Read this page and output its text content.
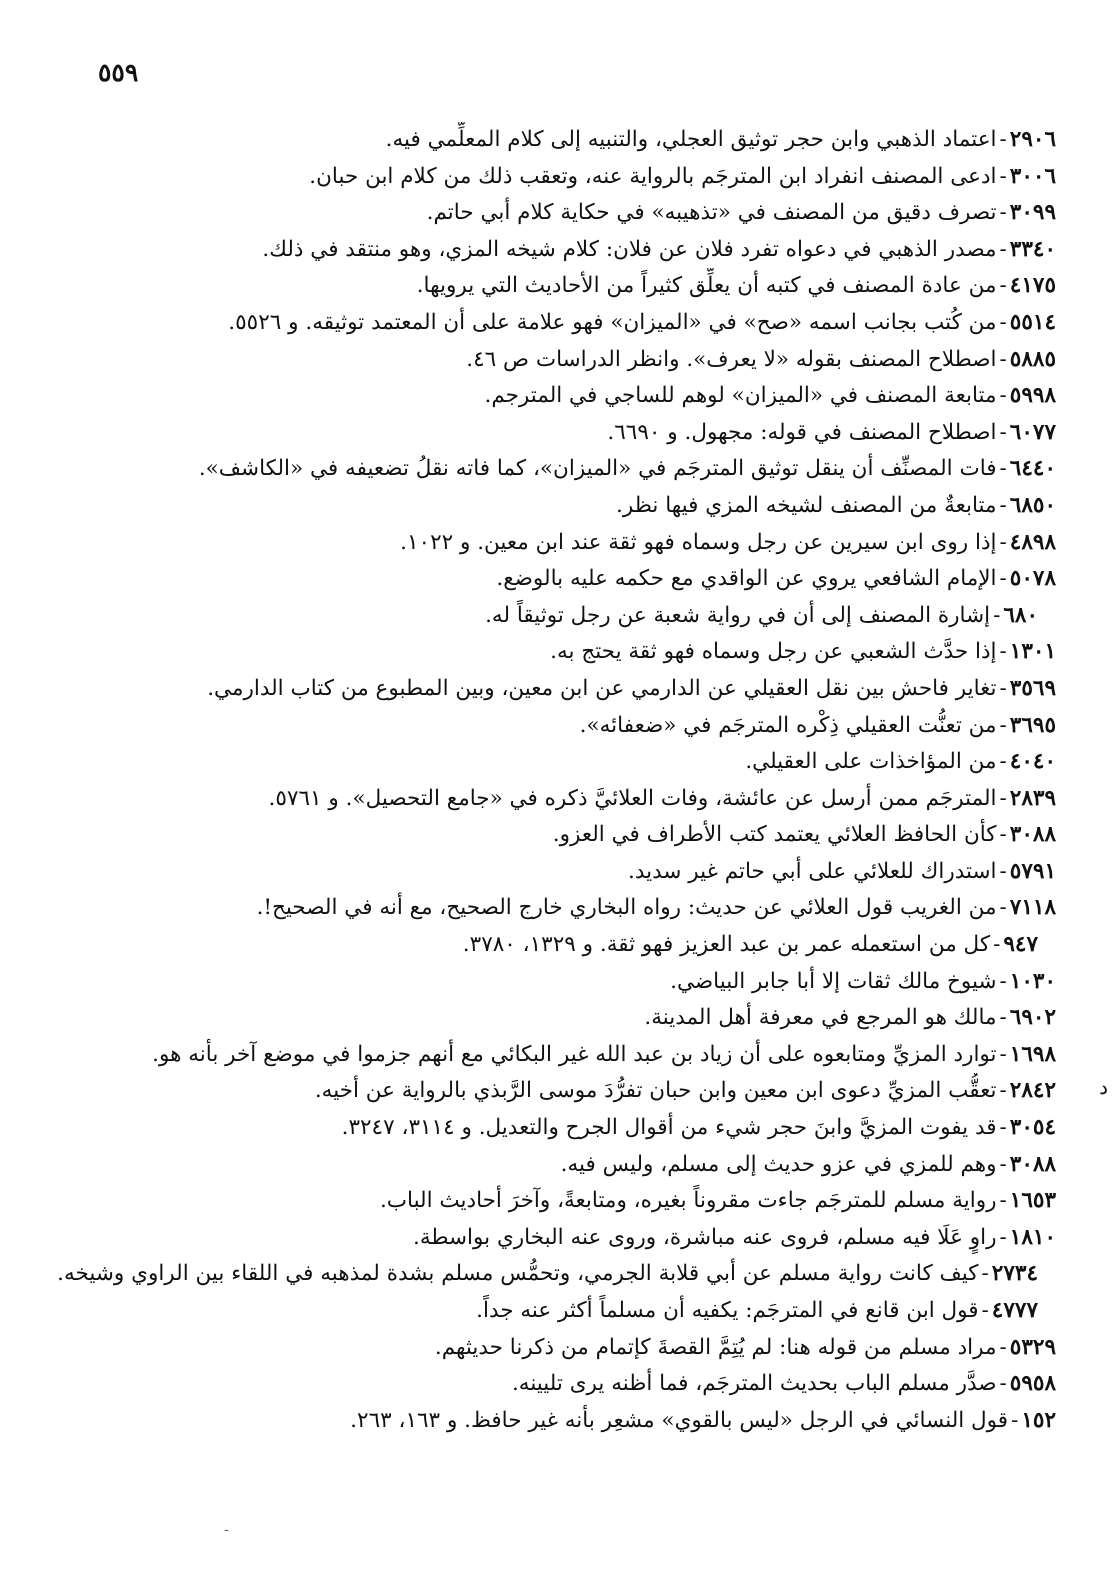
٥٥٩
٢٩٠٦-اعتماد الذهبي وابن حجر توثيق العجلي، والتنبيه إلى كلام المعلِّمي فيه.
٣٠٠٦-ادعى المصنف انفراد ابن المترجَم بالرواية عنه، وتعقب ذلك من كلام ابن حبان.
٣٠٩٩-تصرف دقيق من المصنف في «تذهيبه» في حكاية كلام أبي حاتم.
٣٣٤٠-مصدر الذهبي في دعواه تفرد فلان عن فلان: كلام شيخه المزي، وهو منتقد في ذلك.
٤١٧٥-من عادة المصنف في كتبه أن يعلِّق كثيراً من الأحاديث التي يرويها.
٥٥١٤-من كُتب بجانب اسمه «صح» في «الميزان» فهو علامة على أن المعتمد توثيقه. و ٥٥٢٦.
٥٨٨٥-اصطلاح المصنف بقوله «لا يعرف». وانظر الدراسات ص ٤٦.
٥٩٩٨-متابعة المصنف في «الميزان» لوهم للساجي في المترجم.
٦٠٧٧-اصطلاح المصنف في قوله: مجهول. و ٦٦٩٠.
٦٤٤٠-فات المصنِّف أن ينقل توثيق المترجَم في «الميزان»، كما فاته نقلُ تضعيفه في «الكاشف».
٦٨٥٠-متابعةٌ من المصنف لشيخه المزي فيها نظر.
٤٨٩٨-إذا روى ابن سيرين عن رجل وسماه فهو ثقة عند ابن معين. و ١٠٢٢.
٥٠٧٨-الإمام الشافعي يروي عن الواقدي مع حكمه عليه بالوضع.
٦٨٠-إشارة المصنف إلى أن في رواية شعبة عن رجل توثيقاً له.
١٣٠١-إذا حدَّث الشعبي عن رجل وسماه فهو ثقة يحتج به.
٣٥٦٩-تغاير فاحش بين نقل العقيلي عن الدارمي عن ابن معين، وبين المطبوع من كتاب الدارمي.
٣٦٩٥-من تعنُّت العقيلي ذِكْره المترجَم في «ضعفائه».
٤٠٤٠-من المؤاخذات على العقيلي.
٢٨٣٩-المترجَم ممن أرسل عن عائشة، وفات العلائيَّ ذكره في «جامع التحصيل». و ٥٧٦١.
٣٠٨٨-كأن الحافظ العلائي يعتمد كتب الأطراف في العزو.
٥٧٩١-استدراك للعلائي على أبي حاتم غير سديد.
٧١١٨-من الغريب قول العلائي عن حديث: رواه البخاري خارج الصحيح، مع أنه في الصحيح!.
٩٤٧-كل من استعمله عمر بن عبد العزيز فهو ثقة. و ١٣٢٩، ٣٧٨٠.
١٠٣٠-شيوخ مالك ثقات إلا أبا جابر البياضي.
٦٩٠٢-مالك هو المرجع في معرفة أهل المدينة.
١٦٩٨-توارد المزيِّ ومتابعوه على أن زياد بن عبد الله غير البكائي مع أنهم جزموا في موضع آخر بأنه هو.
٢٨٤٢-تعقُّب المزيِّ دعوى ابن معين وابن حبان تفرُّدَ موسى الرَّبذي بالرواية عن أخيه.
٣٠٥٤-قد يفوت المزيَّ وابنَ حجر شيء من أقوال الجرح والتعديل. و ٣١١٤، ٣٢٤٧.
٣٠٨٨-وهم للمزي في عزو حديث إلى مسلم، وليس فيه.
١٦٥٣-رواية مسلم للمترجَم جاءت مقروناً بغيره، ومتابعةً، وآخرَ أحاديث الباب.
١٨١٠-راوٍ عَلَا فيه مسلم، فروى عنه مباشرة، وروى عنه البخاري بواسطة.
٢٧٣٤-كيف كانت رواية مسلم عن أبي قلابة الجرمي، وتحمُّس مسلم بشدة لمذهبه في اللقاء بين الراوي وشيخه.
٤٧٧٧-قول ابن قانع في المترجَم: يكفيه أن مسلماً أكثر عنه جداً.
٥٣٢٩-مراد مسلم من قوله هنا: لم يُتِمَّ القصةَ كإتمام من ذكرنا حديثهم.
٥٩٥٨-صدَّر مسلم الباب بحديث المترجَم، فما أظنه يرى تليينه.
١٥٢-قول النسائي في الرجل «ليس بالقوي» مشعِر بأنه غير حافظ. و ١٦٣، ٢٦٣.
د
-
